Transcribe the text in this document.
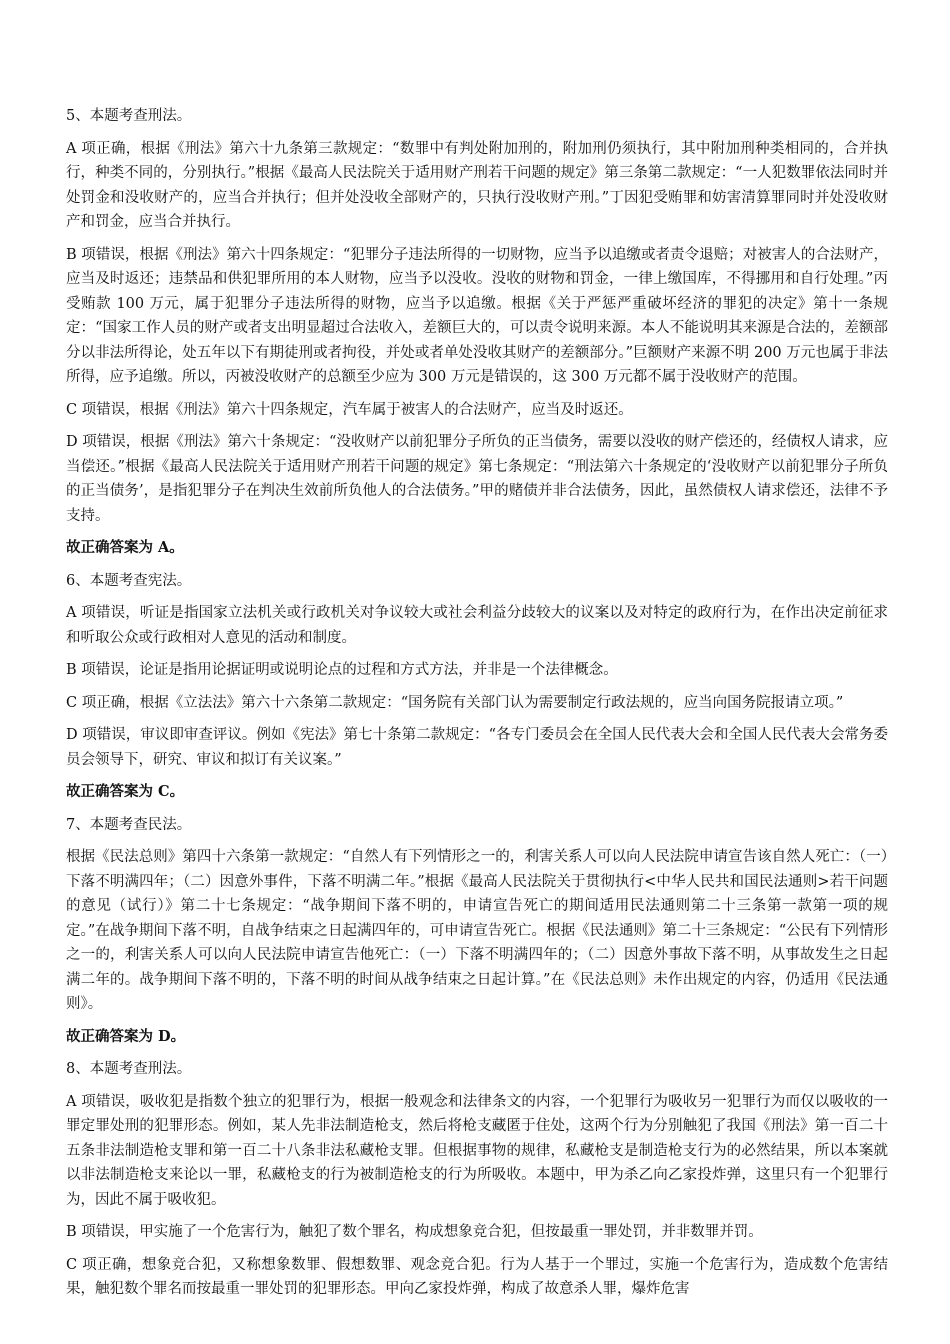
5、本题考查刑法。

A 项正确，根据《刑法》第六十九条第三款规定：“数罪中有判处附加刑的，附加刑仍须执行，其中附加刑种类相同的，合并执行，种类不同的，分别执行。”根据《最高人民法院关于适用财产刑若干问题的规定》第三条第二款规定：“一人犯数罪依法同时并处罚金和没收财产的，应当合并执行；但并处没收全部财产的，只执行没收财产刑。”丁因犯受贿罪和妨害清算罪同时并处没收财产和罚金，应当合并执行。

B 项错误，根据《刑法》第六十四条规定：“犯罪分子违法所得的一切财物，应当予以追缴或者责令退赔；对被害人的合法财产，应当及时返还；违禁品和供犯罪所用的本人财物，应当予以没收。没收的财物和罚金，一律上缴国库，不得挪用和自行处理。”丙受贿款 100 万元，属于犯罪分子违法所得的财物，应当予以追缴。根据《关于严惩严重破坏经济的罪犯的决定》第十一条规定：“国家工作人员的财产或者支出明显超过合法收入，差额巨大的，可以责令说明来源。本人不能说明其来源是合法的，差额部分以非法所得论，处五年以下有期徒刑或者拘役，并处或者单处没收其财产的差额部分。”巨额财产来源不明 200 万元也属于非法所得，应予追缴。所以，丙被没收财产的总额至少应为 300 万元是错误的，这 300 万元都不属于没收财产的范围。

C 项错误，根据《刑法》第六十四条规定，汽车属于被害人的合法财产，应当及时返还。

D 项错误，根据《刑法》第六十条规定：“没收财产以前犯罪分子所负的正当债务，需要以没收的财产偿还的，经债权人请求，应当偿还。”根据《最高人民法院关于适用财产刑若干问题的规定》第七条规定：“刑法第六十条规定的‘没收财产以前犯罪分子所负的正当债务’，是指犯罪分子在判决生效前所负他人的合法债务。”甲的赌债并非合法债务，因此，虽然债权人请求偿还，法律不予支持。

故正确答案为 A。

6、本题考查宪法。

A 项错误，听证是指国家立法机关或行政机关对争议较大或社会利益分歧较大的议案以及对特定的政府行为，在作出决定前征求和听取公众或行政相对人意见的活动和制度。

B 项错误，论证是指用论据证明或说明论点的过程和方式方法，并非是一个法律概念。

C 项正确，根据《立法法》第六十六条第二款规定：“国务院有关部门认为需要制定行政法规的，应当向国务院报请立项。”

D 项错误，审议即审查评议。例如《宪法》第七十条第二款规定：“各专门委员会在全国人民代表大会和全国人民代表大会常务委员会领导下，研究、审议和拟订有关议案。”

故正确答案为 C。

7、本题考查民法。

根据《民法总则》第四十六条第一款规定：“自然人有下列情形之一的，利害关系人可以向人民法院申请宣告该自然人死亡：（一）下落不明满四年；（二）因意外事件，下落不明满二年。”根据《最高人民法院关于贯彻执行<中华人民共和国民法通则>若干问题的意见（试行）》第二十七条规定：“战争期间下落不明的，申请宣告死亡的期间适用民法通则第二十三条第一款第一项的规定。”在战争期间下落不明，自战争结束之日起满四年的，可申请宣告死亡。根据《民法通则》第二十三条规定：“公民有下列情形之一的，利害关系人可以向人民法院申请宣告他死亡：（一）下落不明满四年的；（二）因意外事故下落不明，从事故发生之日起满二年的。战争期间下落不明的，下落不明的时间从战争结束之日起计算。”在《民法总则》未作出规定的内容，仍适用《民法通则》。

故正确答案为 D。

8、本题考查刑法。

A 项错误，吸收犯是指数个独立的犯罪行为，根据一般观念和法律条文的内容，一个犯罪行为吸收另一犯罪行为而仅以吸收的一罪定罪处刑的犯罪形态。例如，某人先非法制造枪支，然后将枪支藏匿于住处，这两个行为分别触犯了我国《刑法》第一百二十五条非法制造枪支罪和第一百二十八条非法私藏枪支罪。但根据事物的规律，私藏枪支是制造枪支行为的必然结果，所以本案就以非法制造枪支来论以一罪，私藏枪支的行为被制造枪支的行为所吸收。本题中，甲为杀乙向乙家投炸弹，这里只有一个犯罪行为，因此不属于吸收犯。

B 项错误，甲实施了一个危害行为，触犯了数个罪名，构成想象竞合犯，但按最重一罪处罚，并非数罪并罚。

C 项正确，想象竞合犯，又称想象数罪、假想数罪、观念竞合犯。行为人基于一个罪过，实施一个危害行为，造成数个危害结果，触犯数个罪名而按最重一罪处罚的犯罪形态。甲向乙家投炸弹，构成了故意杀人罪，爆炸危害
